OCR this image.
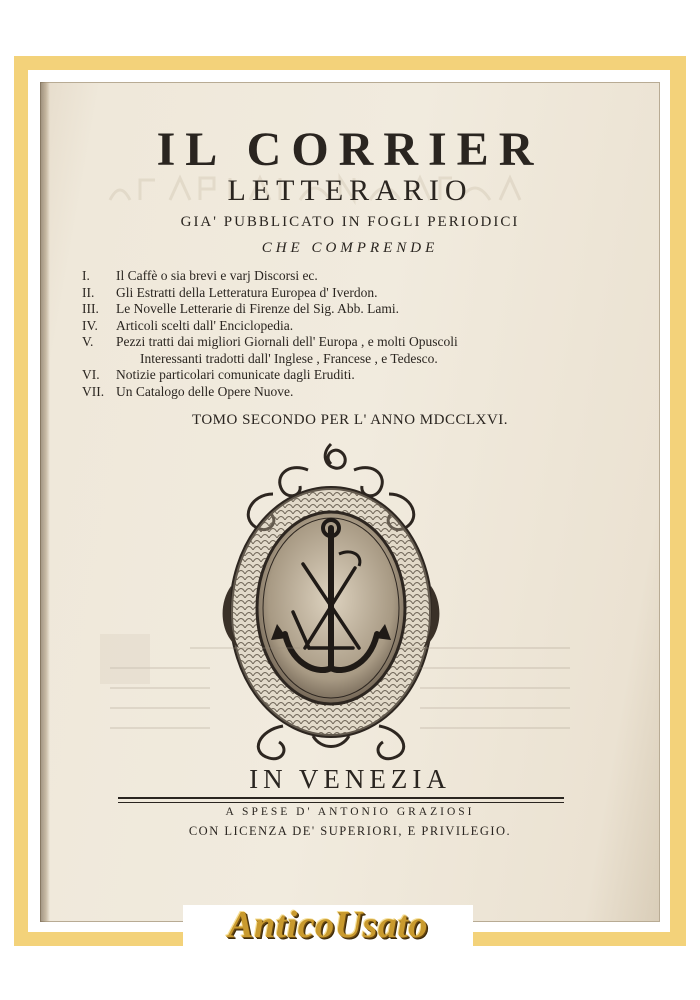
IL CORRIER
LETTERARIO
GIA' PUBBLICATO IN FOGLI PERIODICI
CHE COMPRENDE
I.	Il Caffè o sia brevi e varj Discorsi ec.
II.	Gli Estratti della Letteratura Europea d' Iverdon.
III.	Le Novelle Letterarie di Firenze del Sig. Abb. Lami.
IV.	Articoli scelti dall' Enciclopedia.
V.	Pezzi tratti dai migliori Giornali dell' Europa , e molti Opuscoli
Interessanti tradotti dall' Inglese , Francese , e Tedesco.
VI.	Notizie particolari comunicate dagli Eruditi.
VII. Un Catalogo delle Opere Nuove.
TOMO SECONDO PER L' ANNO MDCCLXVI.
IN VENEZIA
A SPESE D' ANTONIO GRAZIOSI
CON LICENZA DE' SUPERIORI, E PRIVILEGIO.
AnticoUsato
